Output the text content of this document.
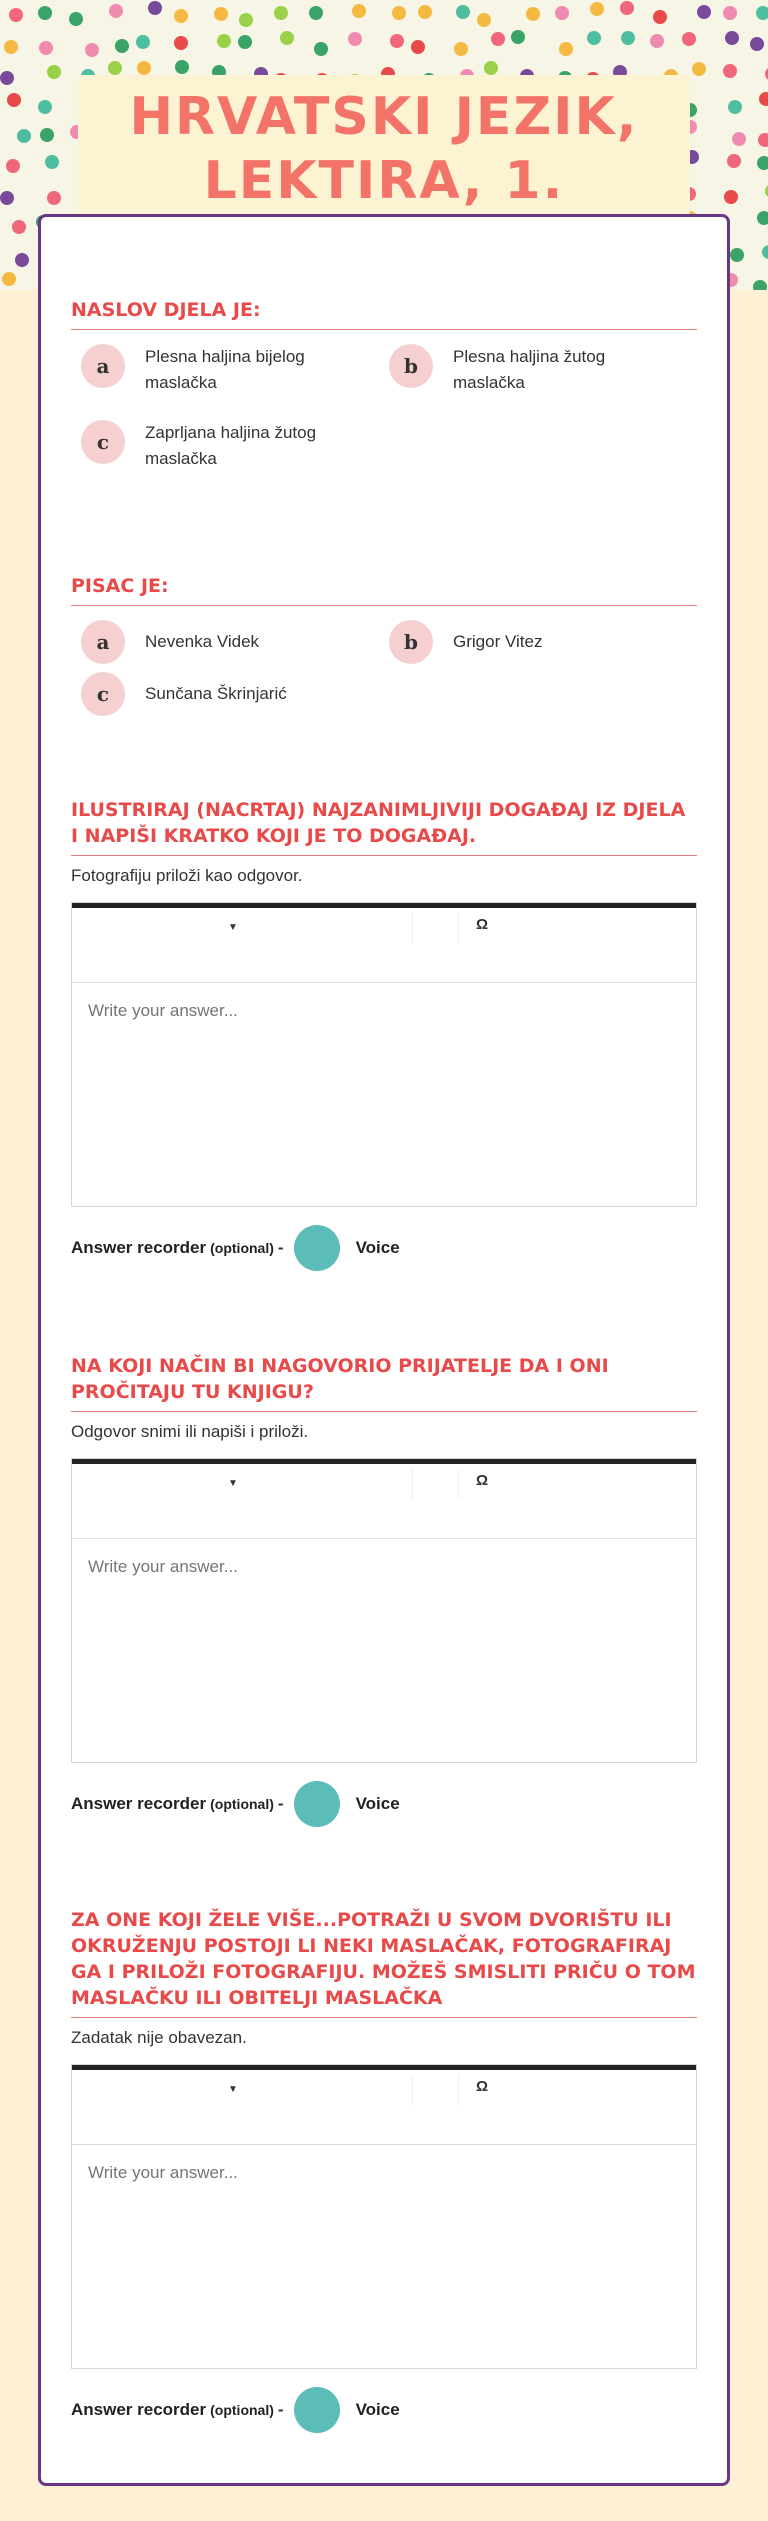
HRVATSKI JEZIK, LEKTIRA, 1.
NASLOV DJELA JE:
a	Plesna haljina bijelog maslačka
b	Plesna haljina žutog maslačka
c	Zaprljana haljina žutog maslačka
PISAC JE:
a	Nevenka Videk	b	Grigor Vitez
c	Sunčana Škrinjarić
ILUSTRIRAJ (NACRTAJ) NAJZANIMLJIVIJI DOGAĐAJ IZ DJELA I NAPIŠI KRATKO KOJI JE TO DOGAĐAJ.
Fotografiju priloži kao odgovor.
▼	Ω
Write your answer...
Answer recorder (optional) -	Voice
NA KOJI NAČIN BI NAGOVORIO PRIJATELJE DA I ONI PROČITAJU TU KNJIGU?
Odgovor snimi ili napiši i priloži.
▼	Ω
Write your answer...
Answer recorder (optional) -	Voice
ZA ONE KOJI ŽELE VIŠE...POTRAŽI U SVOM DVORIŠTU ILI OKRUŽENJU POSTOJI LI NEKI MASLAČAK, FOTOGRAFIRAJ GA I PRILOŽI FOTOGRAFIJU. MOŽEŠ SMISLITI PRIČU O TOM MASLAČKU ILI OBITELJI MASLAČKA
Zadatak nije obavezan.
▼	Ω
Write your answer...
Answer recorder (optional) -	Voice
